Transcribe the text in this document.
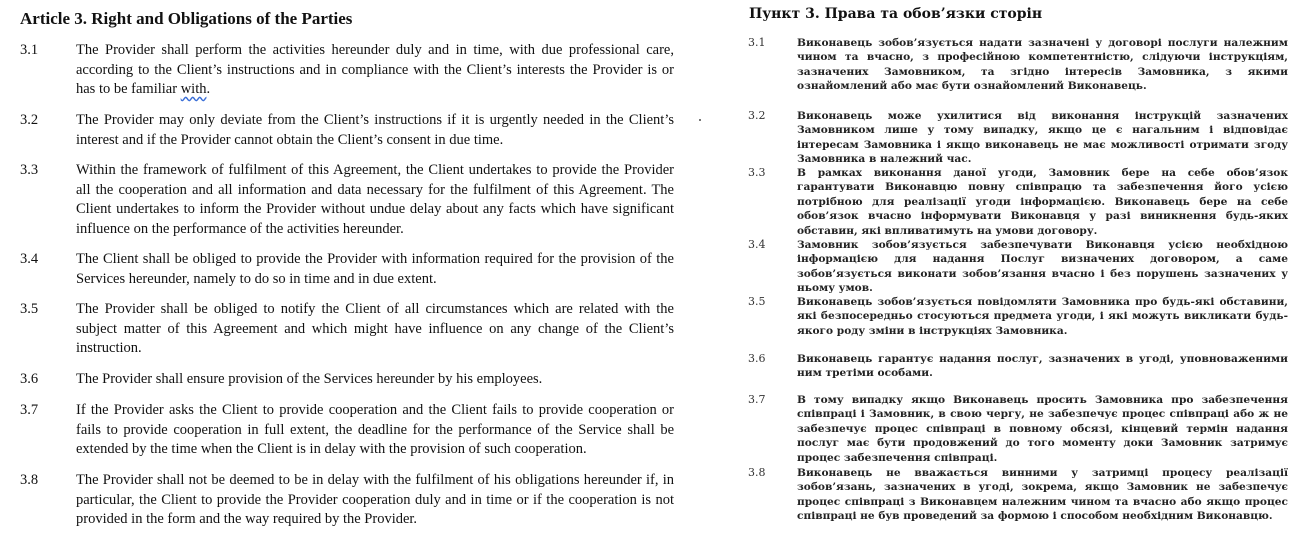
Article 3. Right and Obligations of the Parties
3.1	The Provider shall perform the activities hereunder duly and in time, with due professional care, according to the Client’s instructions and in compliance with the Client’s interests the Provider is or has to be familiar with.
3.2	The Provider may only deviate from the Client’s instructions if it is urgently needed in the Client’s interest and if the Provider cannot obtain the Client’s consent in due time.
3.3	Within the framework of fulfilment of this Agreement, the Client undertakes to provide the Provider all the cooperation and all information and data necessary for the fulfilment of this Agreement. The Client undertakes to inform the Provider without undue delay about any facts which have significant influence on the performance of the activities hereunder.
3.4	The Client shall be obliged to provide the Provider with information required for the provision of the Services hereunder, namely to do so in time and in due extent.
3.5	The Provider shall be obliged to notify the Client of all circumstances which are related with the subject matter of this Agreement and which might have influence on any change of the Client’s instruction.
3.6	The Provider shall ensure provision of the Services hereunder by his employees.
3.7	If the Provider asks the Client to provide cooperation and the Client fails to provide cooperation or fails to provide cooperation in full extent, the deadline for the performance of the Service shall be extended by the time when the Client is in delay with the provision of such cooperation.
3.8	The Provider shall not be deemed to be in delay with the fulfilment of his obligations hereunder if, in particular, the Client to provide the Provider cooperation duly and in time or if the cooperation is not provided in the form and the way required by the Provider.
Пункт 3. Права та обов’язки сторін
3.1	Виконавець зобов’язується надати зазначені у договорі послуги належним чином та вчасно, з професійною компетентністю, слідуючи інструкціям, зазначених Замовником, та згідно інтересів Замовника, з якими ознайомлений або має бути ознайомлений Виконавець.
3.2	Виконавець може ухилитися від виконання інструкцій зазначених Замовником лише у тому випадку, якщо це є нагальним і відповідає інтересам Замовника і якщо виконавець не має можливості отримати згоду Замовника в належний час.
3.3	В рамках виконання даної угоди, Замовник бере на себе обов’язок гарантувати Виконавцю повну співпрацю та забезпечення його усією потрібною для реалізації угоди інформацією. Виконавець бере на себе обов’язок вчасно інформувати Виконавця у разі виникнення будь-яких обставин, які впливатимуть на умови договору.
3.4	Замовник зобов’язується забезпечувати Виконавця усією необхідною інформацією для надання Послуг визначених договором, а саме зобов’язується виконати зобов’язання вчасно і без порушень зазначених у ньому умов.
3.5	Виконавець зобов’язується повідомляти Замовника про будь-які обставини, які безпосередньо стосуються предмета угоди, і які можуть викликати будь-якого роду зміни в інструкціях Замовника.
3.6	Виконавець гарантує надання послуг, зазначених в угоді, уповноваженими ним третіми особами.
3.7	В тому випадку якщо Виконавець просить Замовника про забезпечення співпраці і Замовник, в свою чергу, не забезпечує процес співпраці або ж не забезпечує процес співпраці в повному обсязі, кінцевий термін надання послуг має бути продовжений до того моменту доки Замовник затримує процес забезпечення співпраці.
3.8	Виконавець не вважається винними у затримці процесу реалізації зобов’язань, зазначених в угоді, зокрема, якщо Замовник не забезпечує процес співпраці з Виконавцем належним чином та вчасно або якщо процес співпраці не був проведений за формою і способом необхідним Виконавцю.
